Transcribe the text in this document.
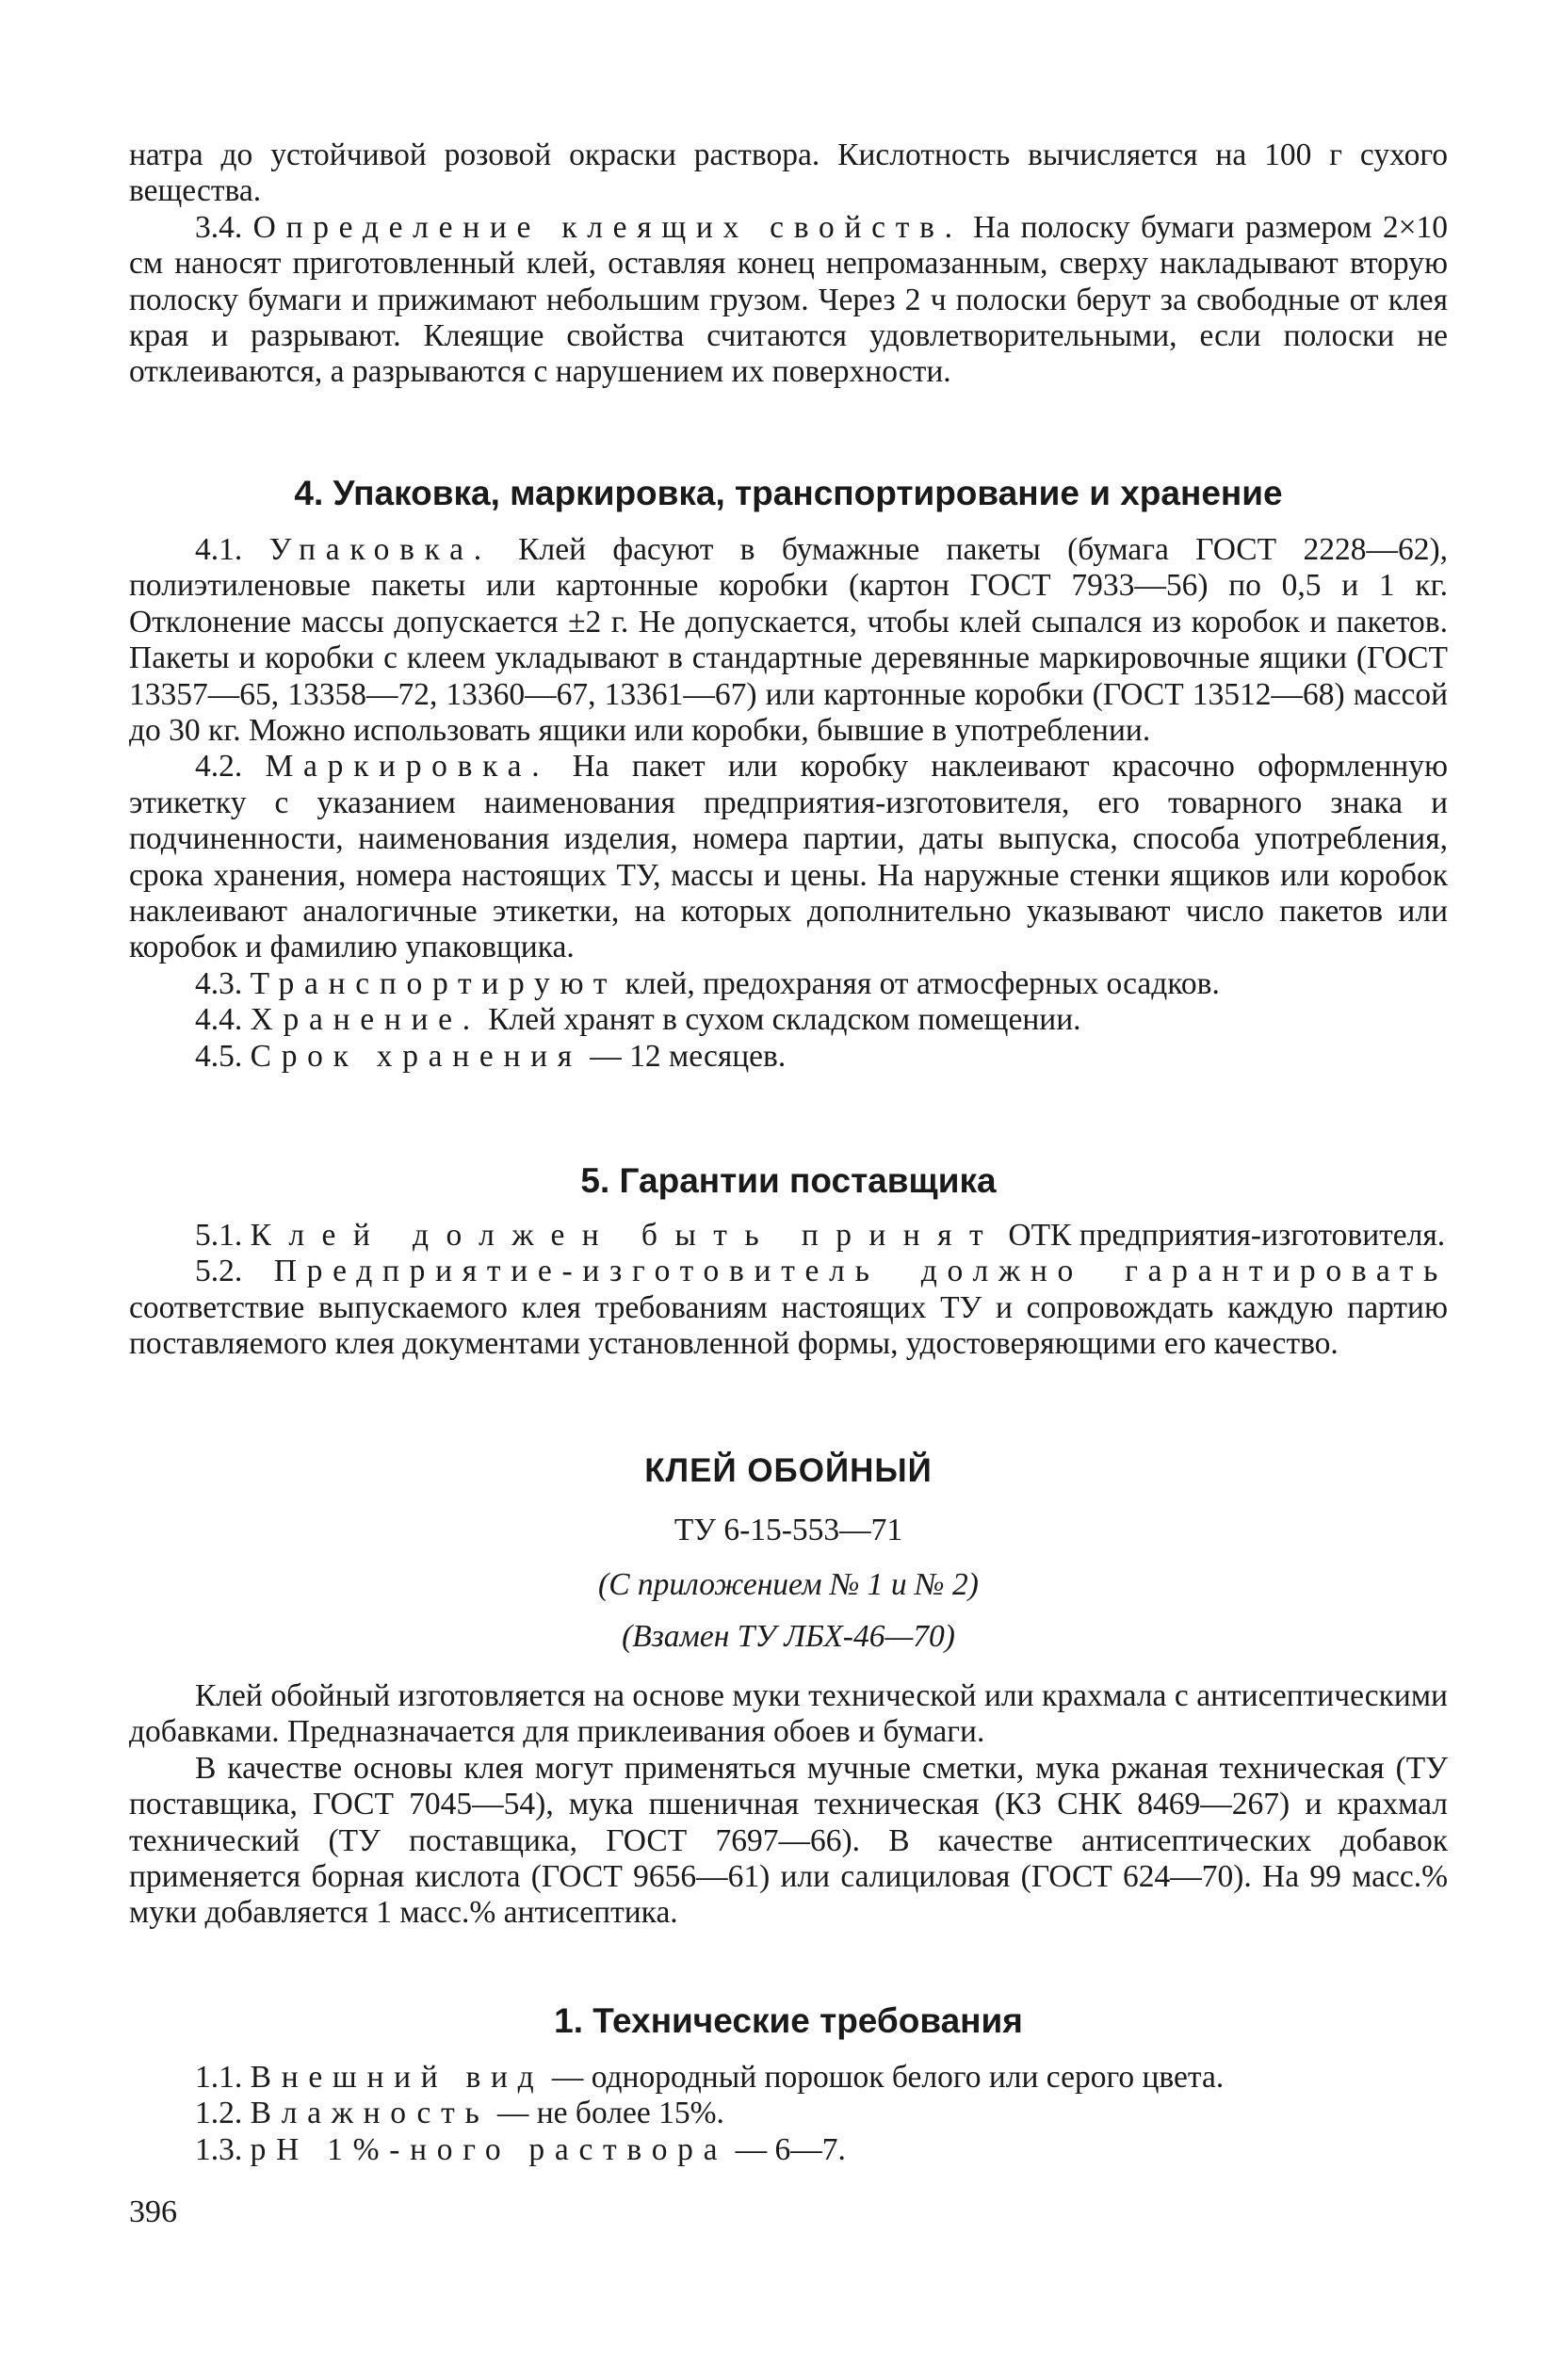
натра до устойчивой розовой окраски раствора. Кислотность вычисляется на 100 г сухого вещества.

3.4. Определение клеящих свойств. На полоску бумаги размером 2×10 см наносят приготовленный клей, оставляя конец непромазанным, сверху накладывают вторую полоску бумаги и прижимают небольшим грузом. Через 2 ч полоски берут за свободные от клея края и разрывают. Клеящие свойства считаются удовлетворительными, если полоски не отклеиваются, а разрываются с нарушением их поверхности.

4. Упаковка, маркировка, транспортирование и хранение

4.1. Упаковка. Клей фасуют в бумажные пакеты (бумага ГОСТ 2228—62), полиэтиленовые пакеты или картонные коробки (картон ГОСТ 7933—56) по 0,5 и 1 кг. Отклонение массы допускается ±2 г. Не допускается, чтобы клей сыпался из коробок и пакетов. Пакеты и коробки с клеем укладывают в стандартные деревянные маркировочные ящики (ГОСТ 13357—65, 13358—72, 13360—67, 13361—67) или картонные коробки (ГОСТ 13512—68) массой до 30 кг. Можно использовать ящики или коробки, бывшие в употреблении.

4.2. Маркировка. На пакет или коробку наклеивают красочно оформленную этикетку с указанием наименования предприятия-изготовителя, его товарного знака и подчиненности, наименования изделия, номера партии, даты выпуска, способа употребления, срока хранения, номера настоящих ТУ, массы и цены. На наружные стенки ящиков или коробок наклеивают аналогичные этикетки, на которых дополнительно указывают число пакетов или коробок и фамилию упаковщика.

4.3. Транспортируют клей, предохраняя от атмосферных осадков.

4.4. Хранение. Клей хранят в сухом складском помещении.

4.5. Срок хранения — 12 месяцев.

5. Гарантии поставщика

5.1. Клей должен быть принят ОТК предприятия-изготовителя.

5.2. Предприятие-изготовитель должно гарантировать соответствие выпускаемого клея требованиям настоящих ТУ и сопровождать каждую партию поставляемого клея документами установленной формы, удостоверяющими его качество.

КЛЕЙ ОБОЙНЫЙ
ТУ 6-15-553—71
(С приложением № 1 и № 2)
(Взамен ТУ ЛБХ-46—70)

Клей обойный изготовляется на основе муки технической или крахмала с антисептическими добавками. Предназначается для приклеивания обоев и бумаги.

В качестве основы клея могут применяться мучные сметки, мука ржаная техническая (ТУ поставщика, ГОСТ 7045—54), мука пшеничная техническая (КЗ СНК 8469—267) и крахмал технический (ТУ поставщика, ГОСТ 7697—66). В качестве антисептических добавок применяется борная кислота (ГОСТ 9656—61) или салициловая (ГОСТ 624—70). На 99 масс.% муки добавляется 1 масс.% антисептика.

1. Технические требования

1.1. Внешний вид — однородный порошок белого или серого цвета.

1.2. Влажность — не более 15%.

1.3. pH 1%-ного раствора — 6—7.

396
